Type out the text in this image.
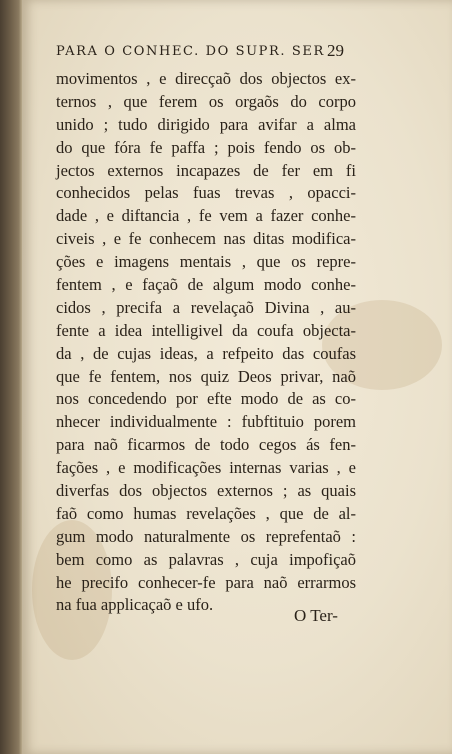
PARA O CONHEC. DO SUPR. SER 29
movimentos , e direcçaõ dos objectos ex-
ternos , que ferem os orgaõs do corpo
unido ; tudo dirigido para avifar a alma
do que fóra fe paffa ; pois fendo os ob-
jectos externos incapazes de fer em fi
conhecidos pelas fuas trevas , opacci-
dade , e diftancia , fe vem a fazer conhe-
civeis , e fe conhecem nas ditas modifica-
ções e imagens mentais , que os repre-
fentem , e façaõ de algum modo conhe-
cidos , precifa a revelaçaõ Divina , au-
fente a idea intelligivel da coufa objecta-
da , de cujas ideas, a refpeito das coufas
que fe fentem, nos quiz Deos privar, naõ
nos concedendo por efte modo de as co-
nhecer individualmente : fubftituio porem
para naõ ficarmos de todo cegos ás fen-
fações , e modificações internas varias , e
diverfas dos objectos externos ; as quais
faõ como humas revelações , que de al-
gum modo naturalmente os reprefentaõ :
bem como as palavras , cuja impofiçaõ
he precifo conhecer-fe para naõ errarmos
na fua applicaçaõ e ufo.
O Ter-
